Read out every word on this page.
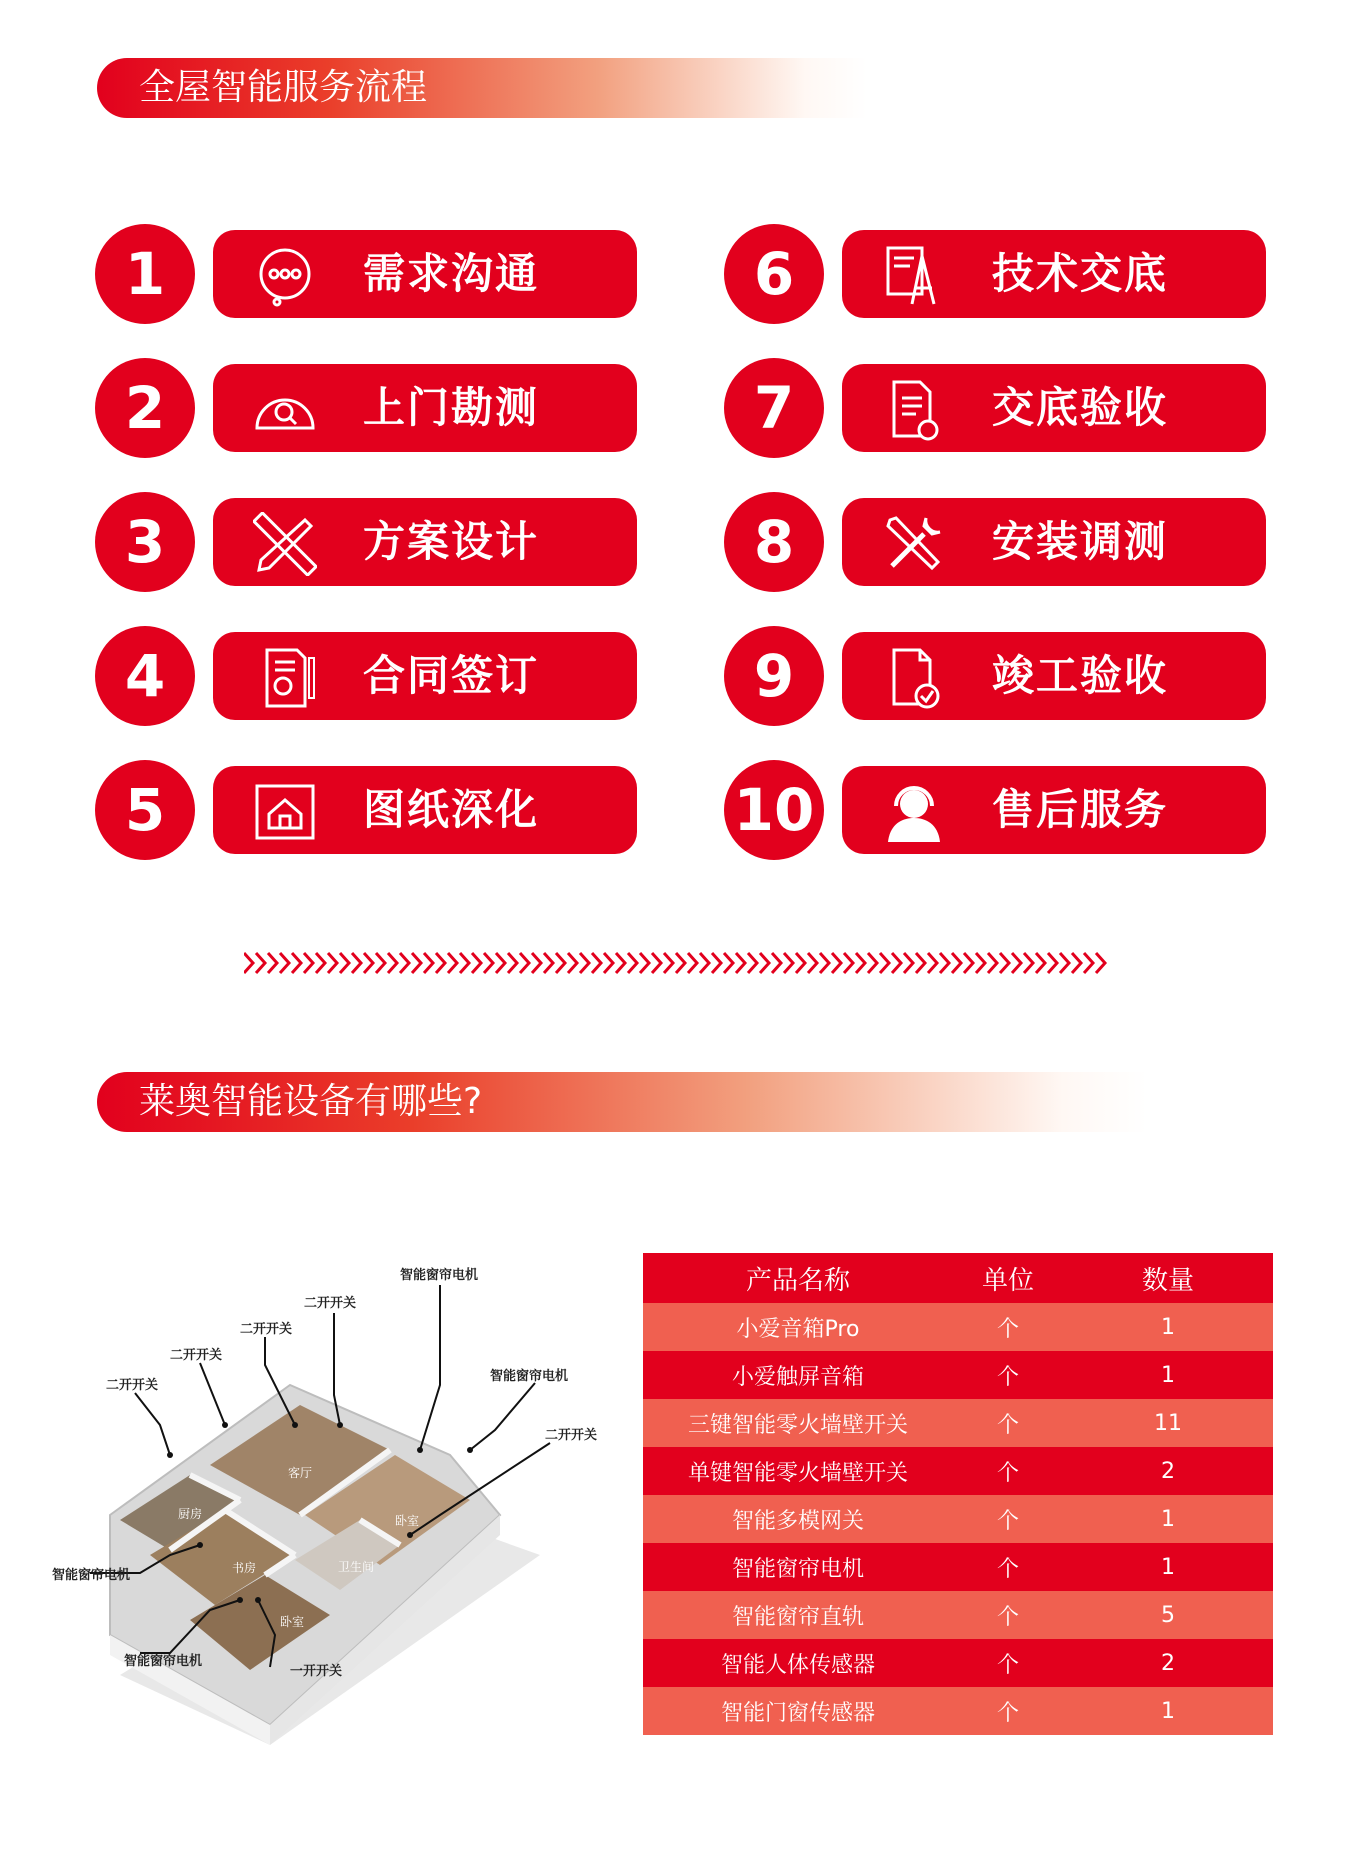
全屋智能服务流程
1	需求沟通
2	上门勘测
3	方案设计
4	合同签订
5	图纸深化
6	技术交底
7	交底验收
8	安装调测
9	竣工验收
10	售后服务
莱奥智能设备有哪些?
厨房
客厅
卧室
书房	卫生间
卧室
智能窗帘电机
二开开关
二开开关
二开开关
二开开关
智能窗帘电机
二开开关
智能窗帘电机
智能窗帘电机
一开开关
产品名称	单位	数量
小爱音箱Pro	个	1
小爱触屏音箱	个	1
三键智能零火墙壁开关	个	11
单键智能零火墙壁开关	个	2
智能多模网关	个	1
智能窗帘电机	个	1
智能窗帘直轨	个	5
智能人体传感器	个	2
智能门窗传感器	个	1
